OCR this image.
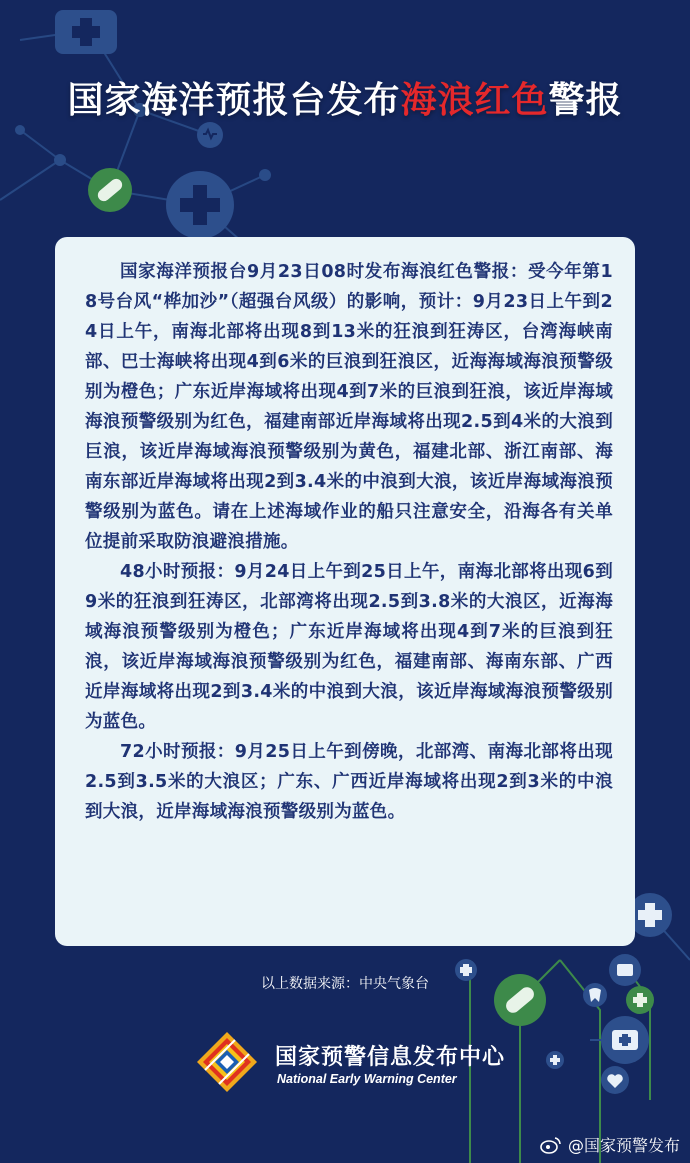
国家海洋预报台发布海浪红色警报

国家海洋预报台9月23日08时发布海浪红色警报：受今年第18号台风“桦加沙”（超强台风级）的影响，预计：9月23日上午到24日上午，南海北部将出现8到13米的狂浪到狂涛区，台湾海峡南部、巴士海峡将出现4到6米的巨浪到狂浪区，近海海域海浪预警级别为橙色；广东近岸海域将出现4到7米的巨浪到狂浪，该近岸海域海浪预警级别为红色，福建南部近岸海域将出现2.5到4米的大浪到巨浪，该近岸海域海浪预警级别为黄色，福建北部、浙江南部、海南东部近岸海域将出现2到3.4米的中浪到大浪，该近岸海域海浪预警级别为蓝色。请在上述海域作业的船只注意安全，沿海各有关单位提前采取防浪避浪措施。

48小时预报：9月24日上午到25日上午，南海北部将出现6到9米的狂浪到狂涛区，北部湾将出现2.5到3.8米的大浪区，近海海域海浪预警级别为橙色；广东近岸海域将出现4到7米的巨浪到狂浪，该近岸海域海浪预警级别为红色，福建南部、海南东部、广西近岸海域将出现2到3.4米的中浪到大浪，该近岸海域海浪预警级别为蓝色。

72小时预报：9月25日上午到傍晚，北部湾、南海北部将出现2.5到3.5米的大浪区；广东、广西近岸海域将出现2到3米的中浪到大浪，近岸海域海浪预警级别为蓝色。

以上数据来源：中央气象台
国家预警信息发布中心
National Early Warning Center
@国家预警发布
